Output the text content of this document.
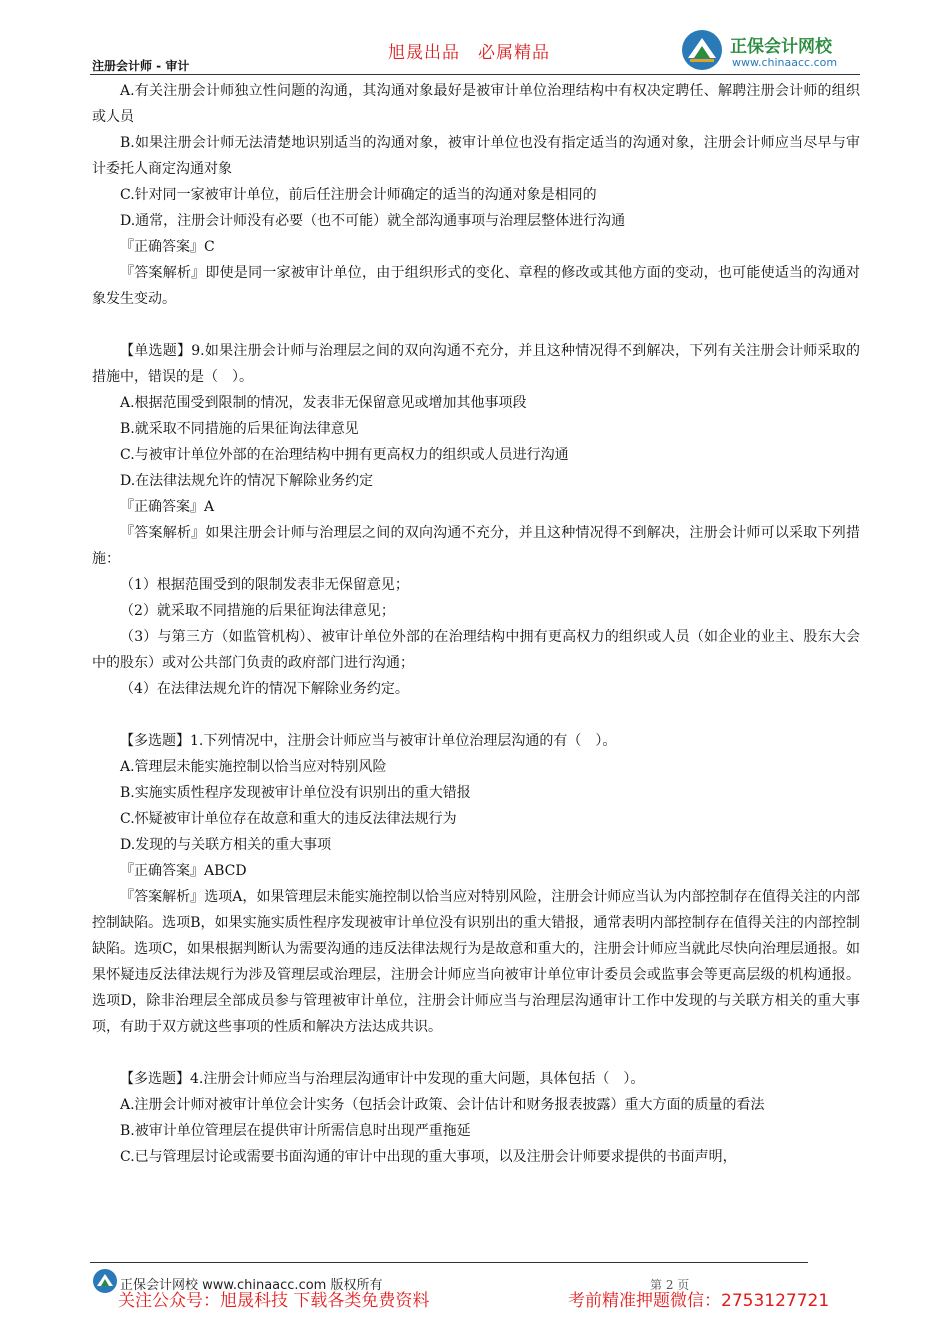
旭晟出品　必属精品
注册会计师 - 审计
正保会计网校
www.chinaacc.com

A.有关注册会计师独立性问题的沟通，其沟通对象最好是被审计单位治理结构中有权决定聘任、解聘注册会计师的组织或人员

B.如果注册会计师无法清楚地识别适当的沟通对象，被审计单位也没有指定适当的沟通对象，注册会计师应当尽早与审计委托人商定沟通对象

C.针对同一家被审计单位，前后任注册会计师确定的适当的沟通对象是相同的

D.通常，注册会计师没有必要（也不可能）就全部沟通事项与治理层整体进行沟通

『正确答案』C

『答案解析』即使是同一家被审计单位，由于组织形式的变化、章程的修改或其他方面的变动，也可能使适当的沟通对象发生变动。

【单选题】9.如果注册会计师与治理层之间的双向沟通不充分，并且这种情况得不到解决，下列有关注册会计师采取的措施中，错误的是（　）。

A.根据范围受到限制的情况，发表非无保留意见或增加其他事项段

B.就采取不同措施的后果征询法律意见

C.与被审计单位外部的在治理结构中拥有更高权力的组织或人员进行沟通

D.在法律法规允许的情况下解除业务约定

『正确答案』A

『答案解析』如果注册会计师与治理层之间的双向沟通不充分，并且这种情况得不到解决，注册会计师可以采取下列措施：

（1）根据范围受到的限制发表非无保留意见；

（2）就采取不同措施的后果征询法律意见；

（3）与第三方（如监管机构）、被审计单位外部的在治理结构中拥有更高权力的组织或人员（如企业的业主、股东大会中的股东）或对公共部门负责的政府部门进行沟通；

（4）在法律法规允许的情况下解除业务约定。

【多选题】1.下列情况中，注册会计师应当与被审计单位治理层沟通的有（　）。

A.管理层未能实施控制以恰当应对特别风险

B.实施实质性程序发现被审计单位没有识别出的重大错报

C.怀疑被审计单位存在故意和重大的违反法律法规行为

D.发现的与关联方相关的重大事项

『正确答案』ABCD

『答案解析』选项A，如果管理层未能实施控制以恰当应对特别风险，注册会计师应当认为内部控制存在值得关注的内部控制缺陷。选项B，如果实施实质性程序发现被审计单位没有识别出的重大错报，通常表明内部控制存在值得关注的内部控制缺陷。选项C，如果根据判断认为需要沟通的违反法律法规行为是故意和重大的，注册会计师应当就此尽快向治理层通报。如果怀疑违反法律法规行为涉及管理层或治理层，注册会计师应当向被审计单位审计委员会或监事会等更高层级的机构通报。选项D，除非治理层全部成员参与管理被审计单位，注册会计师应当与治理层沟通审计工作中发现的与关联方相关的重大事项，有助于双方就这些事项的性质和解决方法达成共识。

【多选题】4.注册会计师应当与治理层沟通审计中发现的重大问题，具体包括（　）。

A.注册会计师对被审计单位会计实务（包括会计政策、会计估计和财务报表披露）重大方面的质量的看法

B.被审计单位管理层在提供审计所需信息时出现严重拖延

C.已与管理层讨论或需要书面沟通的审计中出现的重大事项，以及注册会计师要求提供的书面声明，

正保会计网校 www.chinaacc.com 版权所有	第 2 页
关注公众号：旭晟科技 下载各类免费资料	考前精准押题微信：2753127721
